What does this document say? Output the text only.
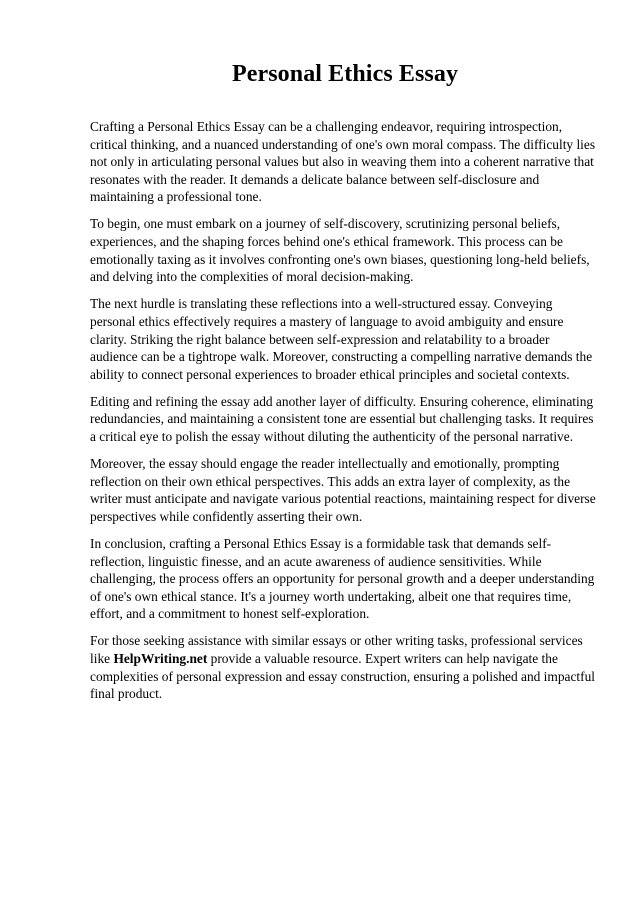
Personal Ethics Essay

Crafting a Personal Ethics Essay can be a challenging endeavor, requiring introspection, critical thinking, and a nuanced understanding of one's own moral compass. The difficulty lies not only in articulating personal values but also in weaving them into a coherent narrative that resonates with the reader. It demands a delicate balance between self-disclosure and maintaining a professional tone.

To begin, one must embark on a journey of self-discovery, scrutinizing personal beliefs, experiences, and the shaping forces behind one's ethical framework. This process can be emotionally taxing as it involves confronting one's own biases, questioning long-held beliefs, and delving into the complexities of moral decision-making.

The next hurdle is translating these reflections into a well-structured essay. Conveying personal ethics effectively requires a mastery of language to avoid ambiguity and ensure clarity. Striking the right balance between self-expression and relatability to a broader audience can be a tightrope walk. Moreover, constructing a compelling narrative demands the ability to connect personal experiences to broader ethical principles and societal contexts.

Editing and refining the essay add another layer of difficulty. Ensuring coherence, eliminating redundancies, and maintaining a consistent tone are essential but challenging tasks. It requires a critical eye to polish the essay without diluting the authenticity of the personal narrative.

Moreover, the essay should engage the reader intellectually and emotionally, prompting reflection on their own ethical perspectives. This adds an extra layer of complexity, as the writer must anticipate and navigate various potential reactions, maintaining respect for diverse perspectives while confidently asserting their own.

In conclusion, crafting a Personal Ethics Essay is a formidable task that demands self-reflection, linguistic finesse, and an acute awareness of audience sensitivities. While challenging, the process offers an opportunity for personal growth and a deeper understanding of one's own ethical stance. It's a journey worth undertaking, albeit one that requires time, effort, and a commitment to honest self-exploration.

For those seeking assistance with similar essays or other writing tasks, professional services like HelpWriting.net provide a valuable resource. Expert writers can help navigate the complexities of personal expression and essay construction, ensuring a polished and impactful final product.
